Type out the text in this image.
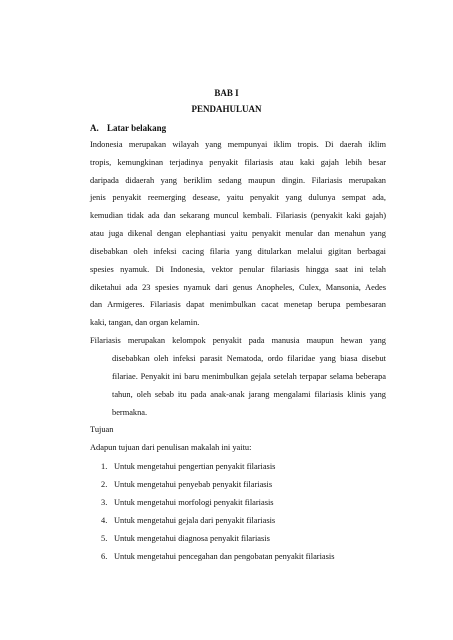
BAB I
PENDAHULUAN
A. Latar belakang
Indonesia merupakan wilayah yang mempunyai iklim tropis. Di daerah iklim
tropis, kemungkinan terjadinya penyakit filariasis atau kaki gajah lebih besar
daripada didaerah yang beriklim sedang maupun dingin. Filariasis merupakan
jenis penyakit reemerging desease, yaitu penyakit yang dulunya sempat ada,
kemudian tidak ada dan sekarang muncul kembali. Filariasis (penyakit kaki gajah)
atau juga dikenal dengan elephantiasi yaitu penyakit menular dan menahun yang
disebabkan oleh infeksi cacing filaria yang ditularkan melalui gigitan berbagai
spesies nyamuk. Di Indonesia, vektor penular filariasis hingga saat ini telah
diketahui ada 23 spesies nyamuk dari genus Anopheles, Culex, Mansonia, Aedes
dan Armigeres. Filariasis dapat menimbulkan cacat menetap berupa pembesaran
kaki, tangan, dan organ kelamin.
Filariasis merupakan kelompok penyakit pada manusia maupun hewan yang
disebabkan oleh infeksi parasit Nematoda, ordo filaridae yang biasa disebut
filariae. Penyakit ini baru menimbulkan gejala setelah terpapar selama beberapa
tahun, oleh sebab itu pada anak-anak jarang mengalami filariasis klinis yang
bermakna.
Tujuan
Adapun tujuan dari penulisan makalah ini yaitu:
1. Untuk mengetahui pengertian penyakit filariasis
2. Untuk mengetahui penyebab penyakit filariasis
3. Untuk mengetahui morfologi penyakit filariasis
4. Untuk mengetahui gejala dari penyakit filariasis
5. Untuk mengetahui diagnosa penyakit filariasis
6. Untuk mengetahui pencegahan dan pengobatan penyakit filariasis
